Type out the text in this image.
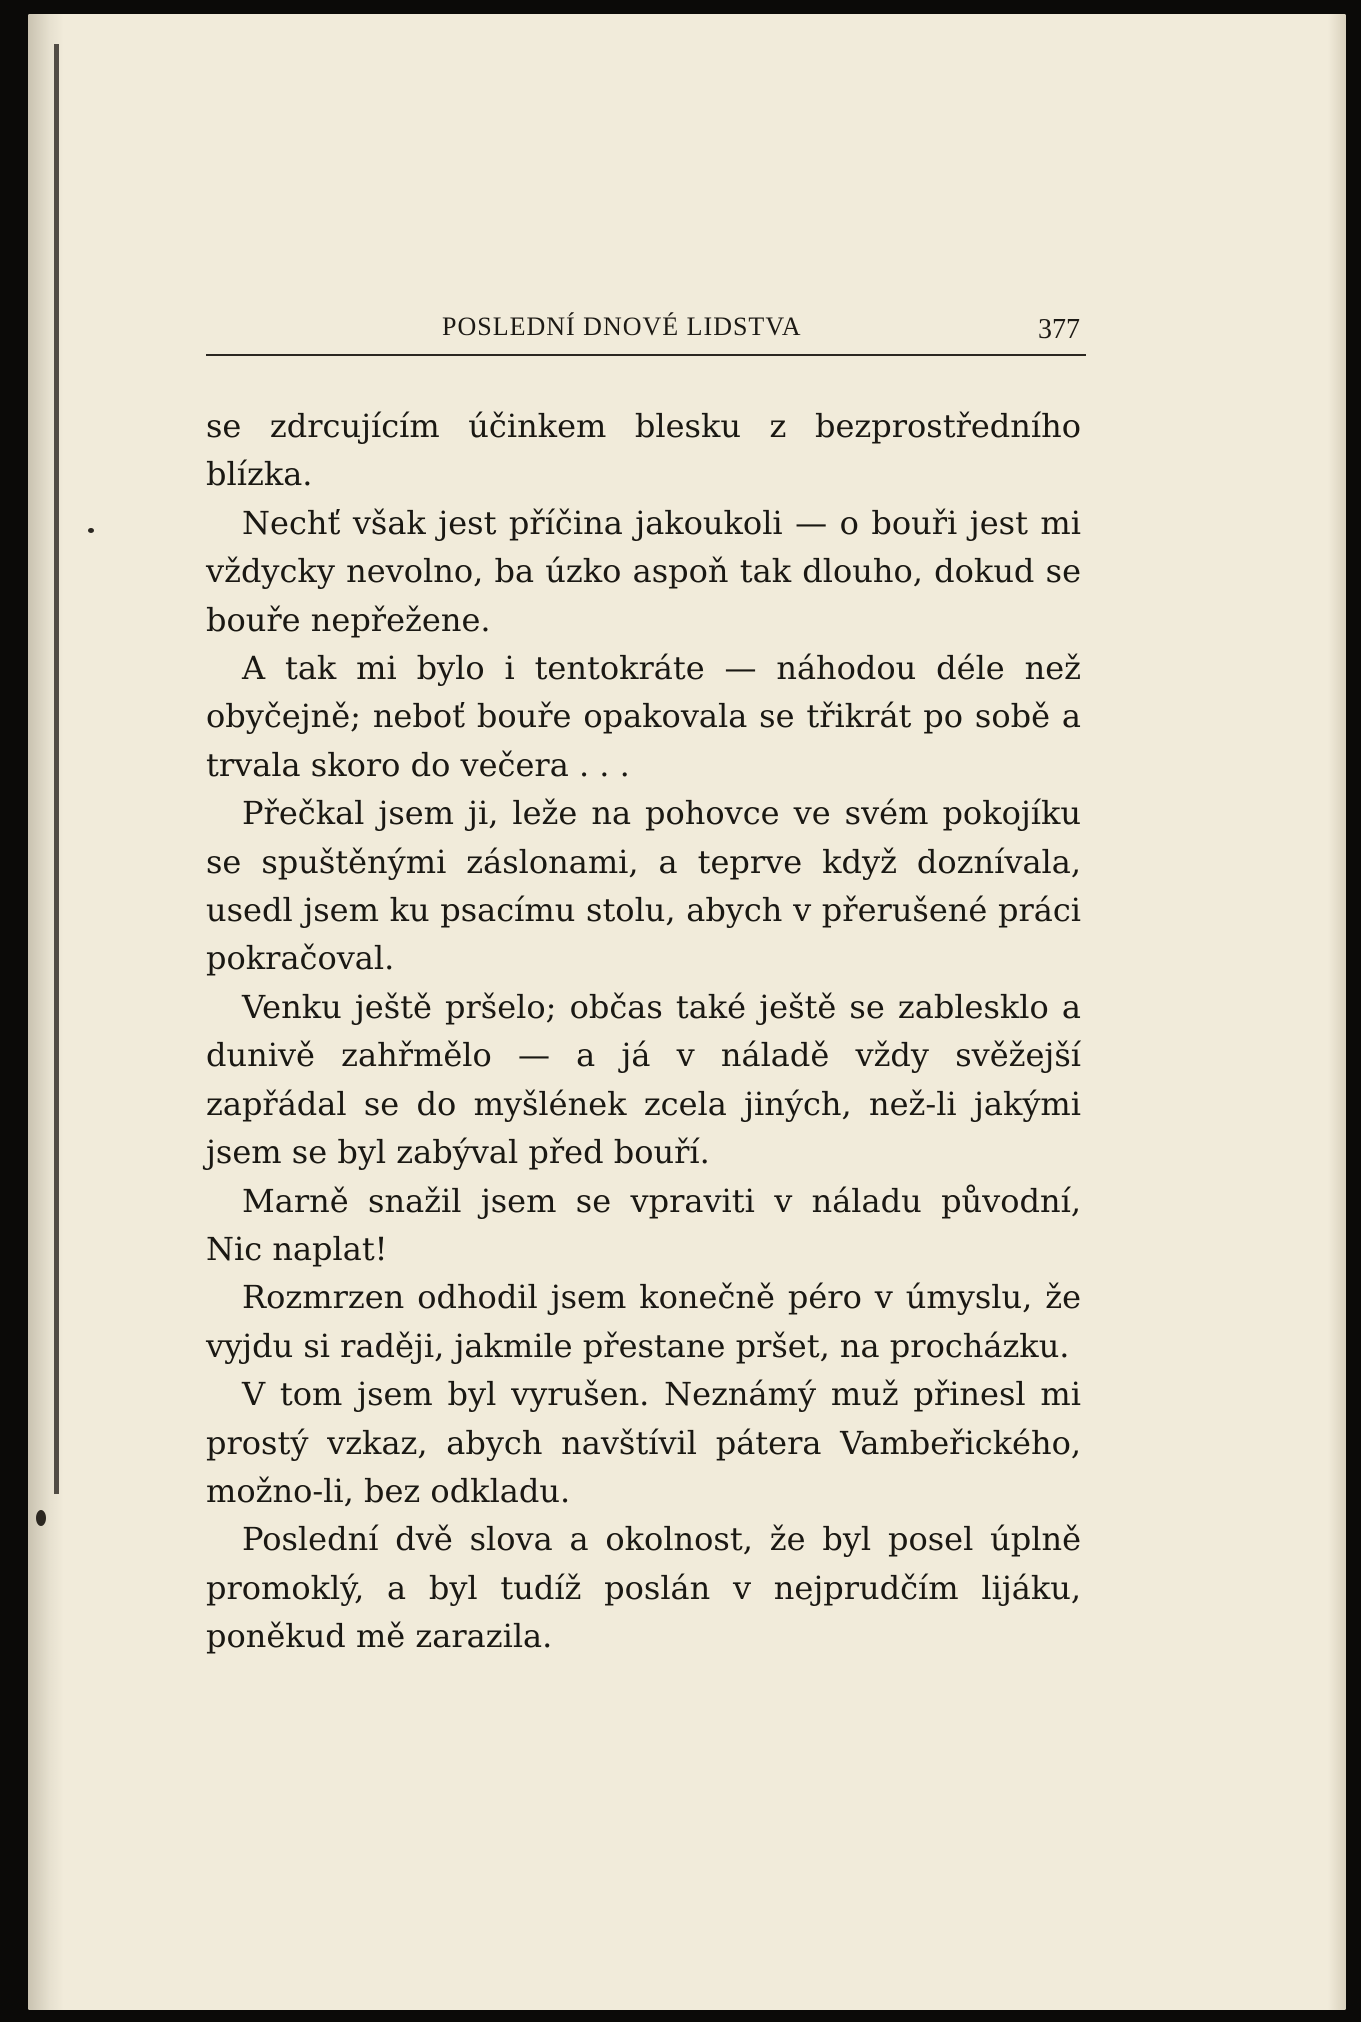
POSLEDNÍ DNOVÉ LIDSTVA	377

se zdrcujícím účinkem blesku z bezprostředního blízka.

Nechť však jest příčina jakoukoli — o bouři jest mi vždycky nevolno, ba úzko aspoň tak dlouho, dokud se bouře nepřežene.

A tak mi bylo i tentokráte — náhodou déle než obyčejně; neboť bouře opakovala se třikrát po sobě a trvala skoro do večera . . .

Přečkal jsem ji, leže na pohovce ve svém pokojíku se spuštěnými záslonami, a teprve když doznívala, usedl jsem ku psacímu stolu, abych v přerušené práci pokračoval.

Venku ještě pršelo; občas také ještě se zablesklo a dunivě zahřmělo — a já v náladě vždy svěžejší zapřádal se do myšlének zcela jiných, než-li jakými jsem se byl zabýval před bouří.

Marně snažil jsem se vpraviti v náladu původní, Nic naplat!

Rozmrzen odhodil jsem konečně péro v úmyslu, že vyjdu si raději, jakmile přestane pršet, na procházku.

V tom jsem byl vyrušen. Neznámý muž přinesl mi prostý vzkaz, abych navštívil pátera Vambeřického, možno-li, bez odkladu.

Poslední dvě slova a okolnost, že byl posel úplně promoklý, a byl tudíž poslán v nejprudčím lijáku, poněkud mě zarazila.
